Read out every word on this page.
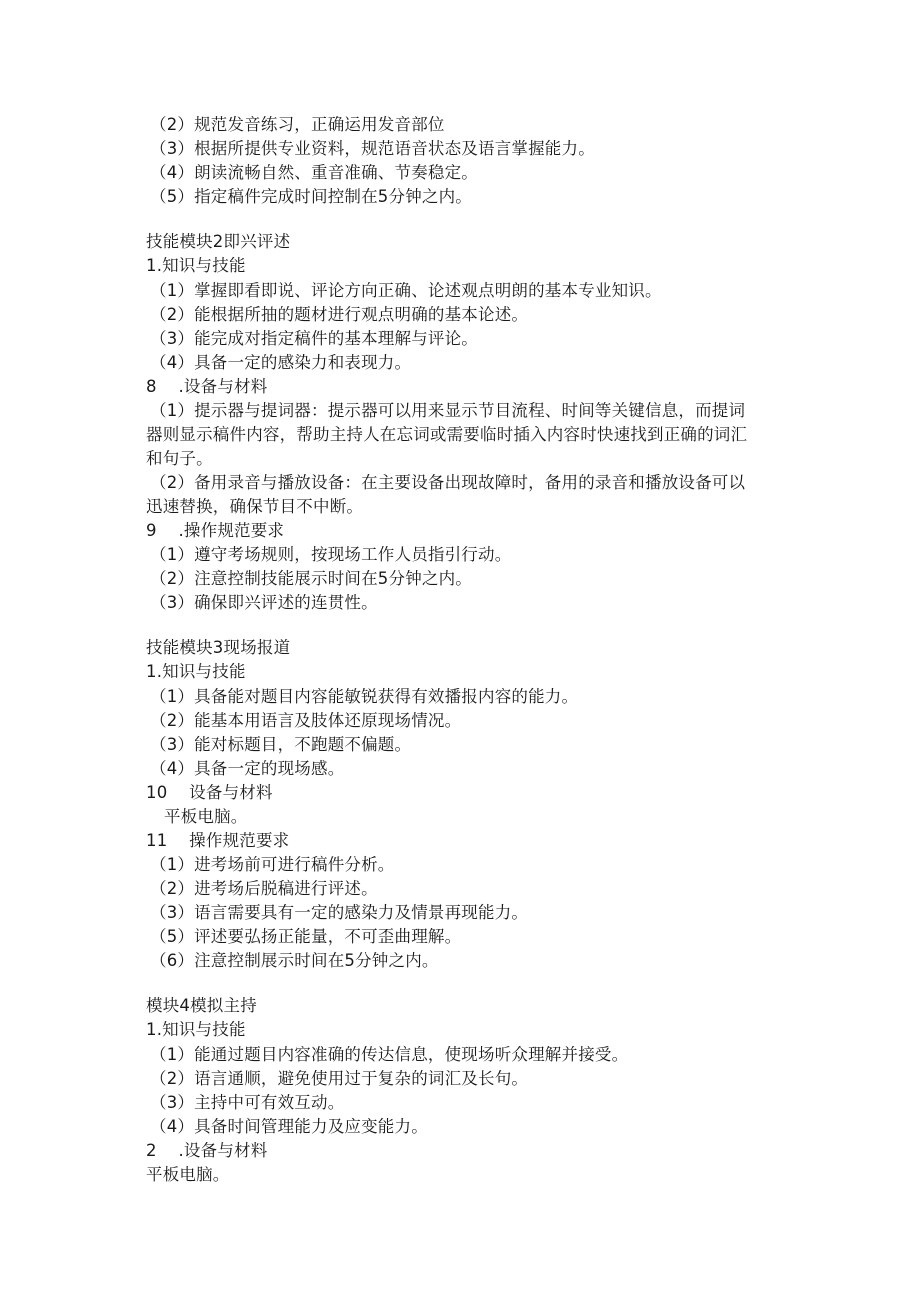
（2）规范发音练习，正确运用发音部位
（3）根据所提供专业资料，规范语音状态及语言掌握能力。
（4）朗读流畅自然、重音准确、节奏稳定。
（5）指定稿件完成时间控制在5分钟之内。
技能模块2即兴评述
1.知识与技能
（1）掌握即看即说、评论方向正确、论述观点明朗的基本专业知识。
（2）能根据所抽的题材进行观点明确的基本论述。
（3）能完成对指定稿件的基本理解与评论。
（4）具备一定的感染力和表现力。
8    .设备与材料
（1）提示器与提词器：提示器可以用来显示节目流程、时间等关键信息，而提词
器则显示稿件内容，帮助主持人在忘词或需要临时插入内容时快速找到正确的词汇
和句子。
（2）备用录音与播放设备：在主要设备出现故障时，备用的录音和播放设备可以
迅速替换，确保节目不中断。
9    .操作规范要求
（1）遵守考场规则，按现场工作人员指引行动。
（2）注意控制技能展示时间在5分钟之内。
（3）确保即兴评述的连贯性。
技能模块3现场报道
1.知识与技能
（1）具备能对题目内容能敏锐获得有效播报内容的能力。
（2）能基本用语言及肢体还原现场情况。
（3）能对标题目，不跑题不偏题。
（4）具备一定的现场感。
10    设备与材料
平板电脑。
11    操作规范要求
（1）进考场前可进行稿件分析。
（2）进考场后脱稿进行评述。
（3）语言需要具有一定的感染力及情景再现能力。
（5）评述要弘扬正能量，不可歪曲理解。
（6）注意控制展示时间在5分钟之内。
模块4模拟主持
1.知识与技能
（1）能通过题目内容准确的传达信息，使现场听众理解并接受。
（2）语言通顺，避免使用过于复杂的词汇及长句。
（3）主持中可有效互动。
（4）具备时间管理能力及应变能力。
2    .设备与材料
平板电脑。
